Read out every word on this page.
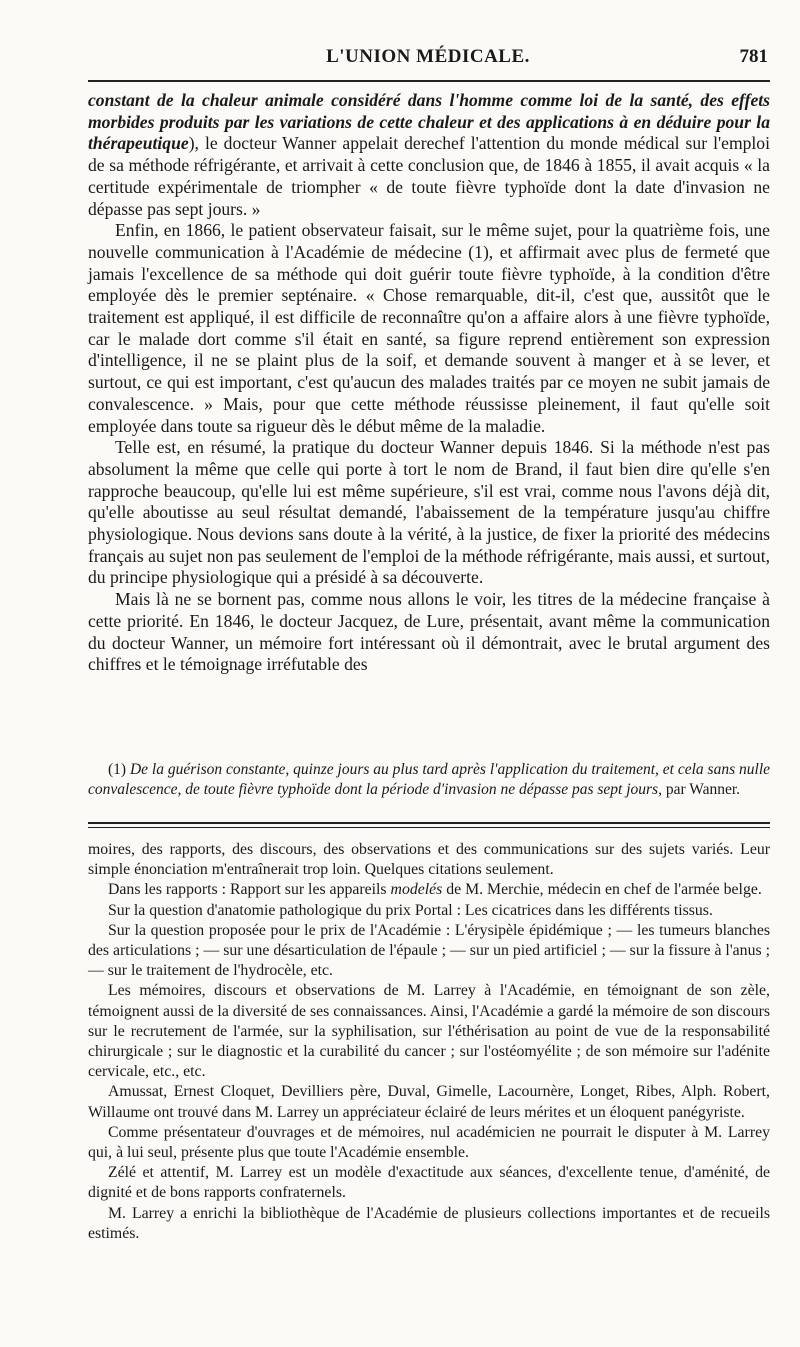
L'UNION MÉDICALE.	781

constant de la chaleur animale considéré dans l'homme comme loi de la santé, des effets morbides produits par les variations de cette chaleur et des applications à en déduire pour la thérapeutique), le docteur Wanner appelait derechef l'attention du monde médical sur l'emploi de sa méthode réfrigérante, et arrivait à cette conclusion que, de 1846 à 1855, il avait acquis « la certitude expérimentale de triompher « de toute fièvre typhoïde dont la date d'invasion ne dépasse pas sept jours. »

Enfin, en 1866, le patient observateur faisait, sur le même sujet, pour la quatrième fois, une nouvelle communication à l'Académie de médecine (1), et affirmait avec plus de fermeté que jamais l'excellence de sa méthode qui doit guérir toute fièvre typhoïde, à la condition d'être employée dès le premier septénaire. « Chose remarquable, dit-il, c'est que, aussitôt que le traitement est appliqué, il est difficile de reconnaître qu'on a affaire alors à une fièvre typhoïde, car le malade dort comme s'il était en santé, sa figure reprend entièrement son expression d'intelligence, il ne se plaint plus de la soif, et demande souvent à manger et à se lever, et surtout, ce qui est important, c'est qu'aucun des malades traités par ce moyen ne subit jamais de convalescence. » Mais, pour que cette méthode réussisse pleinement, il faut qu'elle soit employée dans toute sa rigueur dès le début même de la maladie.

Telle est, en résumé, la pratique du docteur Wanner depuis 1846. Si la méthode n'est pas absolument la même que celle qui porte à tort le nom de Brand, il faut bien dire qu'elle s'en rapproche beaucoup, qu'elle lui est même supérieure, s'il est vrai, comme nous l'avons déjà dit, qu'elle aboutisse au seul résultat demandé, l'abaissement de la température jusqu'au chiffre physiologique. Nous devions sans doute à la vérité, à la justice, de fixer la priorité des médecins français au sujet non pas seulement de l'emploi de la méthode réfrigérante, mais aussi, et surtout, du principe physiologique qui a présidé à sa découverte.

Mais là ne se bornent pas, comme nous allons le voir, les titres de la médecine française à cette priorité. En 1846, le docteur Jacquez, de Lure, présentait, avant même la communication du docteur Wanner, un mémoire fort intéressant où il démontrait, avec le brutal argument des chiffres et le témoignage irréfutable des

(1) De la guérison constante, quinze jours au plus tard après l'application du traitement, et cela sans nulle convalescence, de toute fièvre typhoïde dont la période d'invasion ne dépasse pas sept jours, par Wanner.

moires, des rapports, des discours, des observations et des communications sur des sujets variés. Leur simple énonciation m'entraînerait trop loin. Quelques citations seulement.

Dans les rapports : Rapport sur les appareils modelés de M. Merchie, médecin en chef de l'armée belge.

Sur la question d'anatomie pathologique du prix Portal : Les cicatrices dans les différents tissus.

Sur la question proposée pour le prix de l'Académie : L'érysipèle épidémique ; — les tumeurs blanches des articulations ; — sur une désarticulation de l'épaule ; — sur un pied artificiel ; — sur la fissure à l'anus ; — sur le traitement de l'hydrocèle, etc.

Les mémoires, discours et observations de M. Larrey à l'Académie, en témoignant de son zèle, témoignent aussi de la diversité de ses connaissances. Ainsi, l'Académie a gardé la mémoire de son discours sur le recrutement de l'armée, sur la syphilisation, sur l'éthérisation au point de vue de la responsabilité chirurgicale ; sur le diagnostic et la curabilité du cancer ; sur l'ostéomyélite ; de son mémoire sur l'adénite cervicale, etc., etc.

Amussat, Ernest Cloquet, Devilliers père, Duval, Gimelle, Lacournère, Longet, Ribes, Alph. Robert, Willaume ont trouvé dans M. Larrey un appréciateur éclairé de leurs mérites et un éloquent panégyriste.

Comme présentateur d'ouvrages et de mémoires, nul académicien ne pourrait le disputer à M. Larrey qui, à lui seul, présente plus que toute l'Académie ensemble.

Zélé et attentif, M. Larrey est un modèle d'exactitude aux séances, d'excellente tenue, d'aménité, de dignité et de bons rapports confraternels.

M. Larrey a enrichi la bibliothèque de l'Académie de plusieurs collections importantes et de recueils estimés.
